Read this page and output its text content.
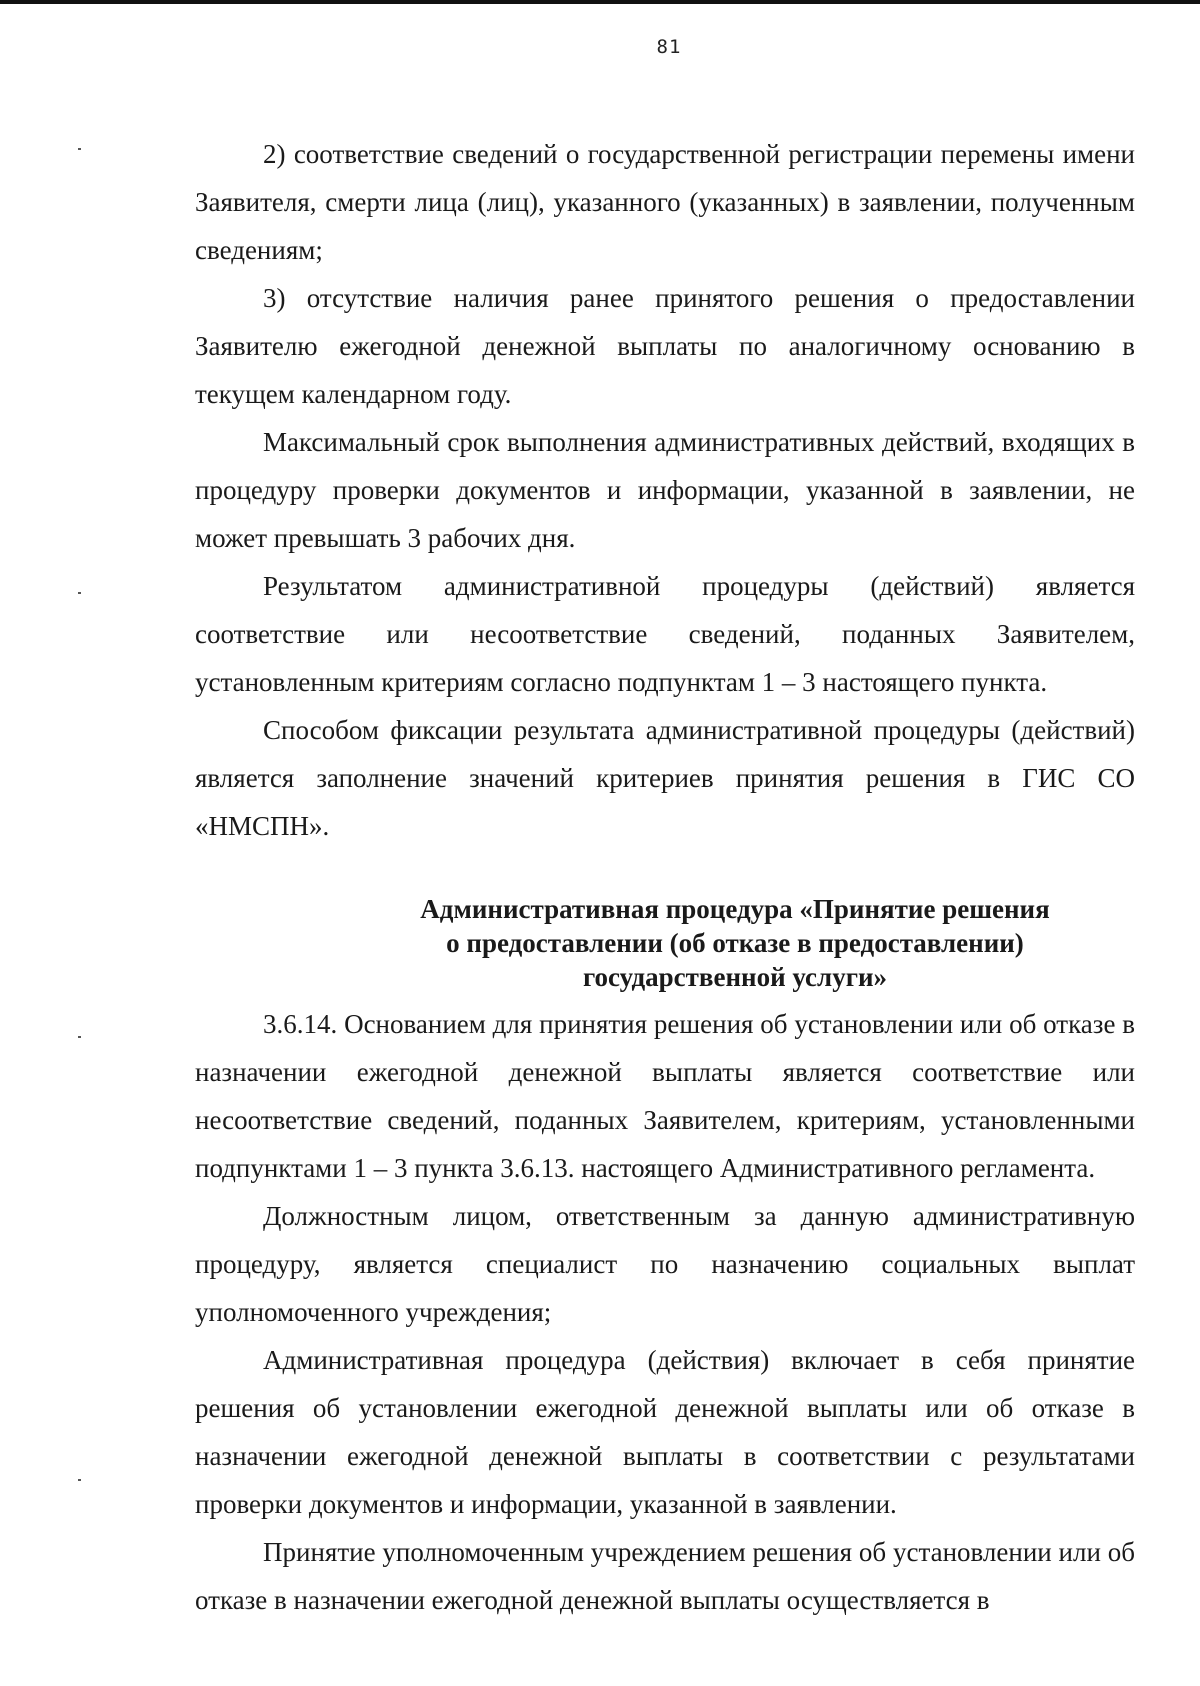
81

2) соответствие сведений о государственной регистрации перемены имени Заявителя, смерти лица (лиц), указанного (указанных) в заявлении, полученным сведениям;

3) отсутствие наличия ранее принятого решения о предоставлении Заявителю ежегодной денежной выплаты по аналогичному основанию в текущем календарном году.

Максимальный срок выполнения административных действий, входящих в процедуру проверки документов и информации, указанной в заявлении, не может превышать 3 рабочих дня.

Результатом административной процедуры (действий) является соответствие или несоответствие сведений, поданных Заявителем, установленным критериям согласно подпунктам 1 – 3 настоящего пункта.

Способом фиксации результата административной процедуры (действий) является заполнение значений критериев принятия решения в ГИС СО «НМСПН».

Административная процедура «Принятие решения
о предоставлении (об отказе в предоставлении)
государственной услуги»

3.6.14. Основанием для принятия решения об установлении или об отказе в назначении ежегодной денежной выплаты является соответствие или несоответствие сведений, поданных Заявителем, критериям, установленными подпунктами 1 – 3 пункта 3.6.13. настоящего Административного регламента.

Должностным лицом, ответственным за данную административную процедуру, является специалист по назначению социальных выплат уполномоченного учреждения;

Административная процедура (действия) включает в себя принятие решения об установлении ежегодной денежной выплаты или об отказе в назначении ежегодной денежной выплаты в соответствии с результатами проверки документов и информации, указанной в заявлении.

Принятие уполномоченным учреждением решения об установлении или об отказе в назначении ежегодной денежной выплаты осуществляется в
